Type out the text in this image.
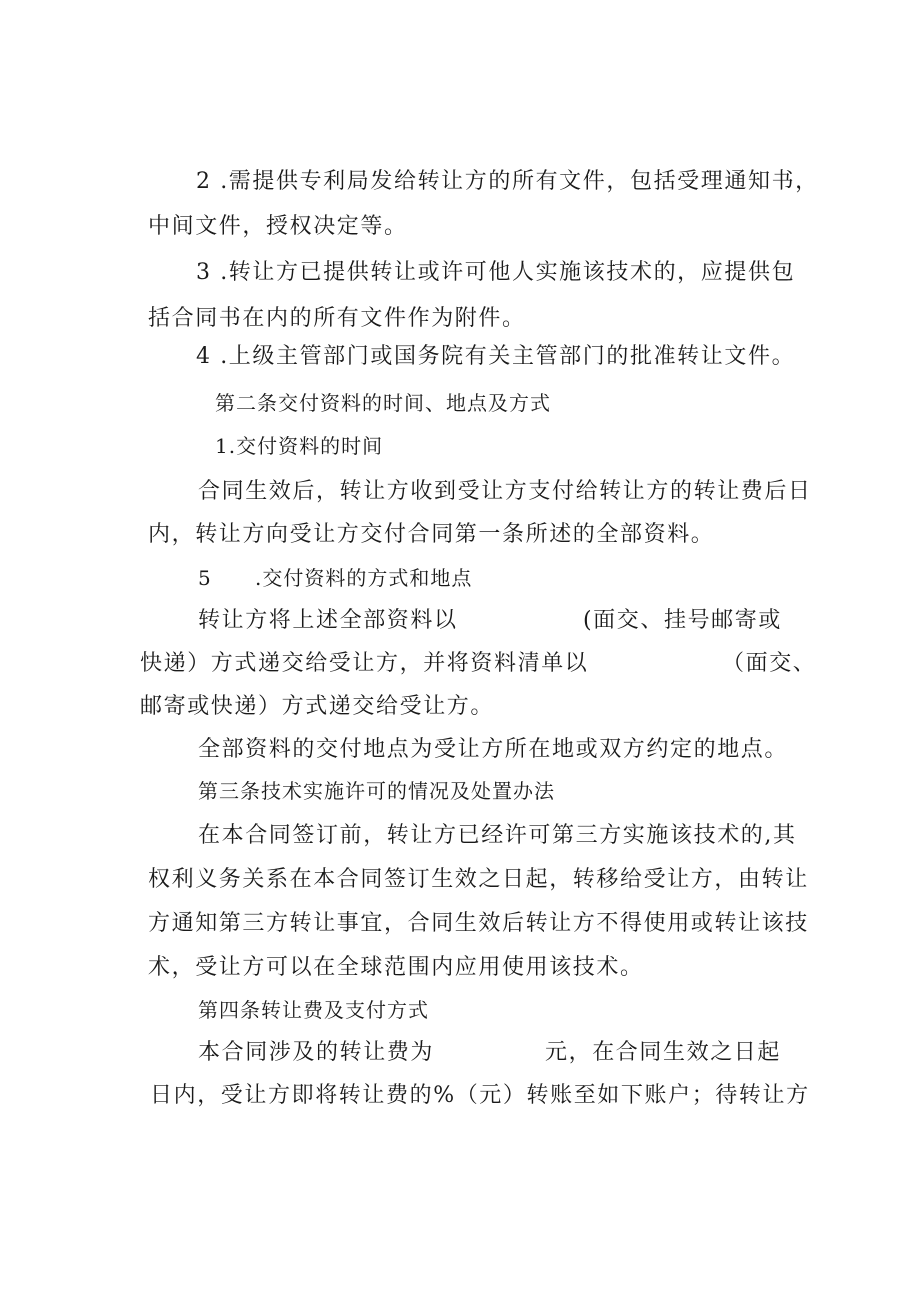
2 .需提供专利局发给转让方的所有文件，包括受理通知书，
中间文件，授权决定等。
3 .转让方已提供转让或许可他人实施该技术的，应提供包
括合同书在内的所有文件作为附件。
4 .上级主管部门或国务院有关主管部门的批准转让文件。
第二条交付资料的时间、地点及方式
1.交付资料的时间
合同生效后，转让方收到受让方支付给转让方的转让费后日
内，转让方向受让方交付合同第一条所述的全部资料。
5 .交付资料的方式和地点
转让方将上述全部资料以	(面交、挂号邮寄或
快递）方式递交给受让方，并将资料清单以	（面交、
邮寄或快递）方式递交给受让方。
全部资料的交付地点为受让方所在地或双方约定的地点。
第三条技术实施许可的情况及处置办法
在本合同签订前，转让方已经许可第三方实施该技术的,其
权利义务关系在本合同签订生效之日起，转移给受让方，由转让
方通知第三方转让事宜，合同生效后转让方不得使用或转让该技
术，受让方可以在全球范围内应用使用该技术。
第四条转让费及支付方式
本合同涉及的转让费为	元，在合同生效之日起
日内，受让方即将转让费的%（元）转账至如下账户；待转让方
